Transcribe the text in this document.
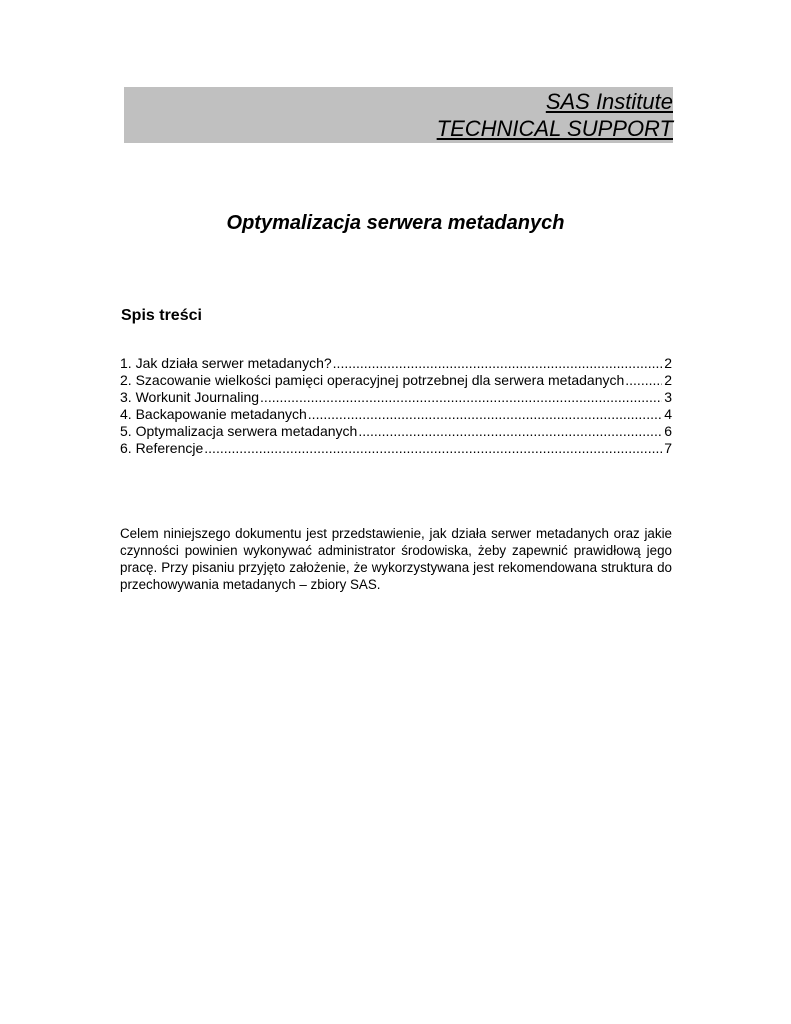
SAS Institute
TECHNICAL SUPPORT
Optymalizacja serwera metadanych
Spis treści
1. Jak działa serwer metadanych? .....	2
2. Szacowanie wielkości pamięci operacyjnej potrzebnej dla serwera metadanych .....	2
3. Workunit Journaling .....	3
4. Backapowanie metadanych .....	4
5. Optymalizacja serwera metadanych .....	6
6. Referencje .....	7

Celem niniejszego dokumentu jest przedstawienie, jak działa serwer metadanych oraz jakie czynności powinien wykonywać administrator środowiska, żeby zapewnić prawidłową jego pracę. Przy pisaniu przyjęto założenie, że wykorzystywana jest rekomendowana struktura do przechowywania metadanych – zbiory SAS.
